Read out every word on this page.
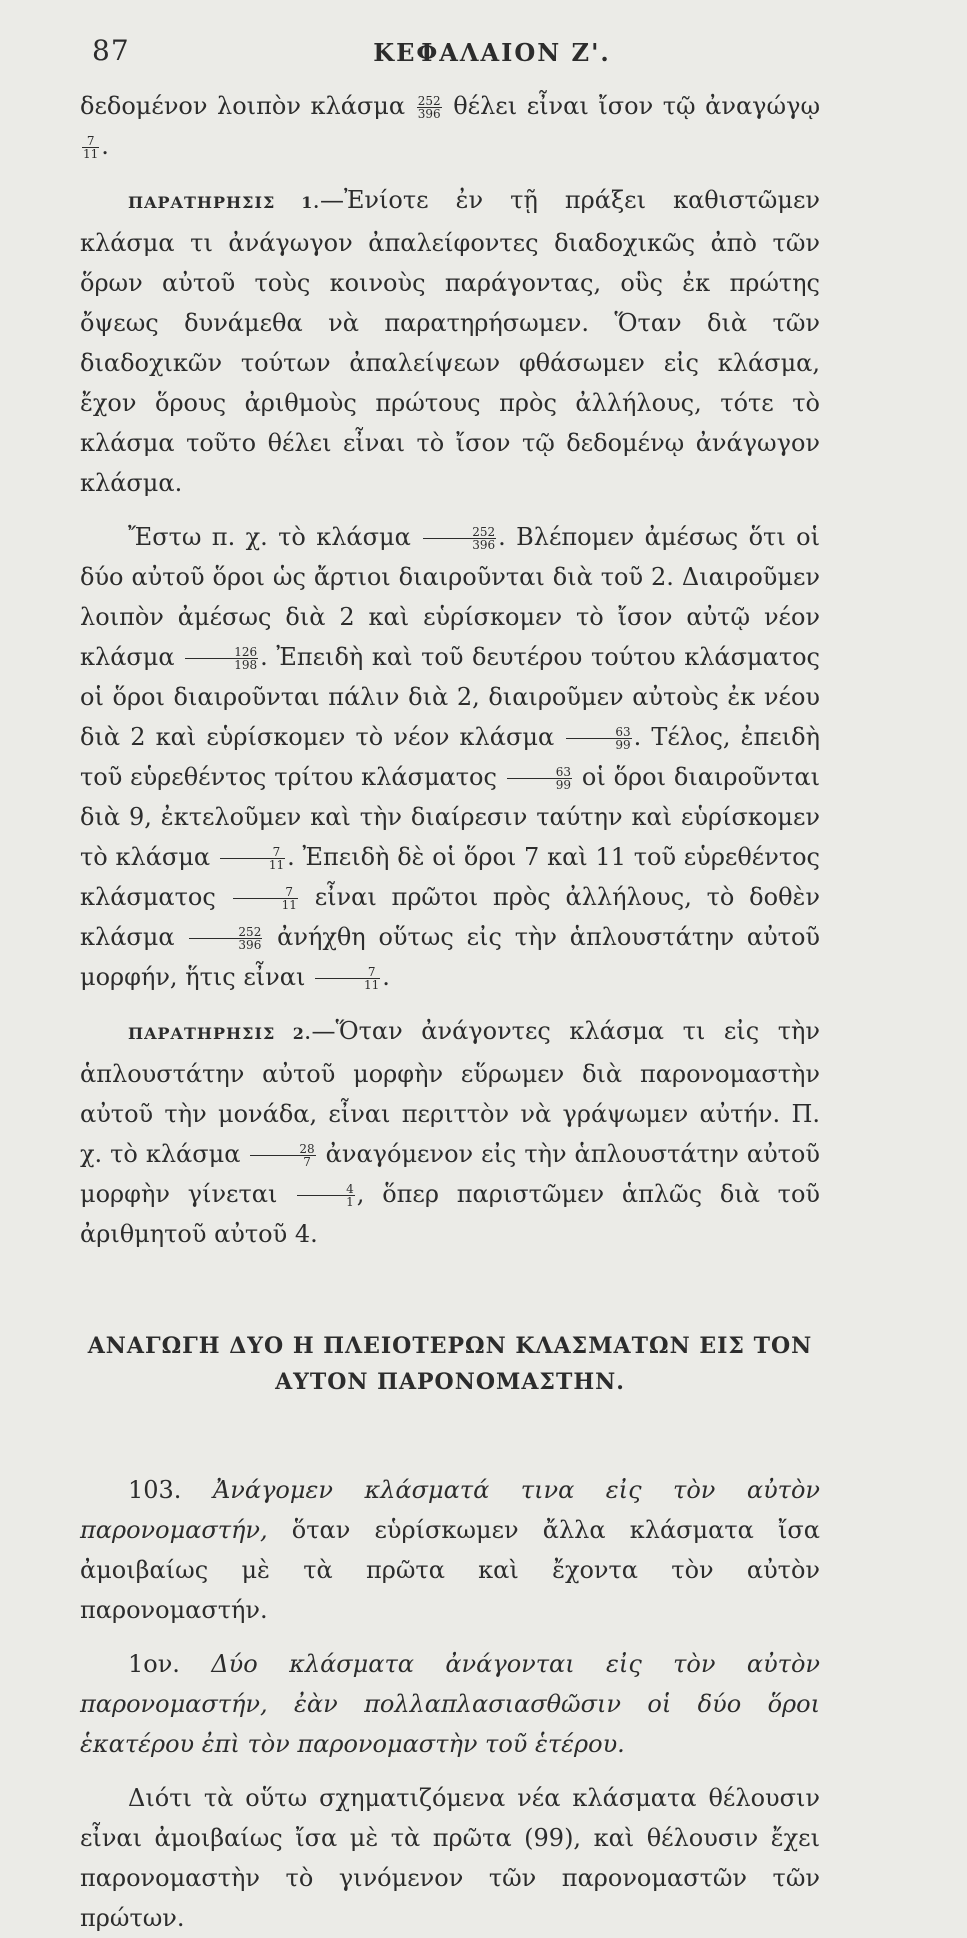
87	ΚΕΦΑΛΑΙΟΝ Ζ'.

δεδομένον λοιπὸν κλάσμα $\frac{252}{396}$ θέλει εἶναι ἴσον τῷ ἀναγώγῳ
$\frac{7}{11}$ .

ΠΑΡΑΤΗΡΗΣΙΣ 1.—Ἐνίοτε ἐν τῇ πράξει καθιστῶμεν κλάσμα τι ἀνάγωγον ἀπαλείφοντες διαδοχικῶς ἀπὸ τῶν ὅρων αὐτοῦ τοὺς κοινοὺς παράγοντας, οὓς ἐκ πρώτης ὄψεως δυνάμεθα νὰ παρατηρήσωμεν. Ὅταν διὰ τῶν διαδοχικῶν τούτων ἀπαλείψεων φθάσωμεν εἰς κλάσμα, ἔχον ὅρους ἀριθμοὺς πρώτους πρὸς ἀλλήλους, τότε τὸ κλάσμα τοῦτο θέλει εἶναι τὸ ἴσον τῷ δεδομένῳ ἀνάγωγον κλάσμα.

Ἔστω π. χ. τὸ κλάσμα $\frac{252}{396}$ . Βλέπομεν ἀμέσως ὅτι οἱ δύο αὐτοῦ ὅροι ὡς ἄρτιοι διαιροῦνται διὰ τοῦ 2. Διαιροῦμεν λοιπὸν ἀμέσως διὰ 2 καὶ εὑρίσκομεν τὸ ἴσον αὐτῷ νέον κλάσμα $\frac{126}{198}$ . Ἐπειδὴ καὶ τοῦ δευτέρου τούτου κλάσματος οἱ ὅροι διαιροῦνται πάλιν διὰ 2, διαιροῦμεν αὐτοὺς ἐκ νέου διὰ 2 καὶ εὑρίσκομεν τὸ νέον κλάσμα $\frac{63}{99}$ . Τέλος, ἐπειδὴ τοῦ εὑρεθέντος τρίτου κλάσματος $\frac{63}{99}$ οἱ ὅροι διαιροῦνται διὰ 9, ἐκτελοῦμεν καὶ τὴν διαίρεσιν ταύτην καὶ εὑρίσκομεν τὸ κλάσμα $\frac{7}{11}$ . Ἐπειδὴ δὲ οἱ ὅροι 7 καὶ 11 τοῦ εὑρεθέντος κλάσματος $\frac{7}{11}$ εἶναι πρῶτοι πρὸς ἀλλήλους, τὸ δοθὲν κλάσμα $\frac{252}{396}$ ἀνήχθη οὕτως εἰς τὴν ἁπλουστάτην αὐτοῦ μορφήν, ἥτις εἶναι $\frac{7}{11}$ .

ΠΑΡΑΤΗΡΗΣΙΣ 2.—Ὅταν ἀνάγοντες κλάσμα τι εἰς τὴν ἁπλουστάτην αὐτοῦ μορφὴν εὕρωμεν διὰ παρονομαστὴν αὐτοῦ τὴν μονάδα, εἶναι περιττὸν νὰ γράψωμεν αὐτήν. Π. χ. τὸ κλάσμα $\frac{28}{7}$ ἀναγόμενον εἰς τὴν ἁπλουστάτην αὐτοῦ μορφὴν γίνεται $\frac{4}{1}$ , ὅπερ παριστῶμεν ἁπλῶς διὰ τοῦ ἀριθμητοῦ αὐτοῦ 4.

ΑΝΑΓΩΓΗ ΔΥΟ Η ΠΛΕΙΟΤΕΡΩΝ ΚΛΑΣΜΑΤΩΝ ΕΙΣ ΤΟΝ
ΑΥΤΟΝ ΠΑΡΟΝΟΜΑΣΤΗΝ.

103. Ἀνάγομεν κλάσματά τινα εἰς τὸν αὐτὸν παρονομαστήν, ὅταν εὑρίσκωμεν ἄλλα κλάσματα ἴσα ἀμοιβαίως μὲ τὰ πρῶτα καὶ ἔχοντα τὸν αὐτὸν παρονομαστήν.

1ον. Δύο κλάσματα ἀνάγονται εἰς τὸν αὐτὸν παρονομαστήν, ἐὰν πολλαπλασιασθῶσιν οἱ δύο ὅροι ἑκατέρου ἐπὶ τὸν παρονομαστὴν τοῦ ἑτέρου.

Διότι τὰ οὕτω σχηματιζόμενα νέα κλάσματα θέλουσιν εἶναι ἀμοιβαίως ἴσα μὲ τὰ πρῶτα (99), καὶ θέλουσιν ἔχει παρονομαστὴν τὸ γινόμενον τῶν παρονομαστῶν τῶν πρώτων.
